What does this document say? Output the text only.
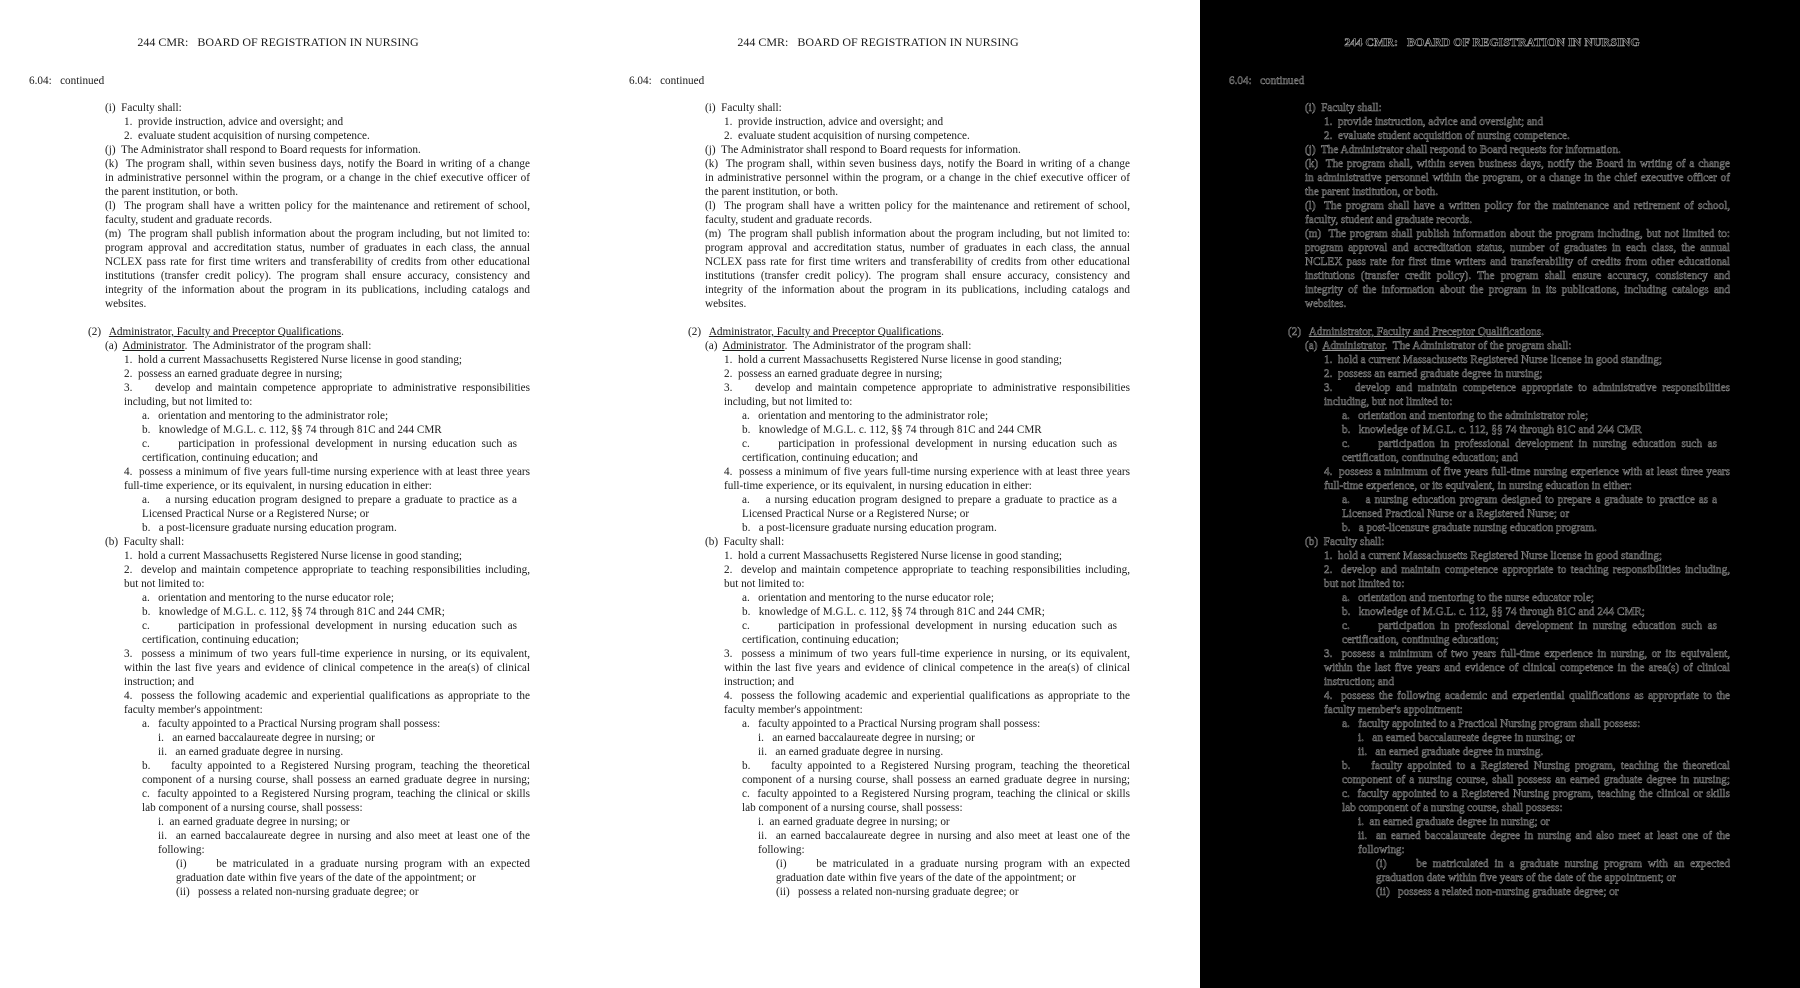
244 CMR:   BOARD OF REGISTRATION IN NURSING
6.04:   continued
(i)  Faculty shall:
1.  provide instruction, advice and oversight; and
2.  evaluate student acquisition of nursing competence.
(j)  The Administrator shall respond to Board requests for information.
(k)  The program shall, within seven business days, notify the Board in writing of a change
in administrative personnel within the program, or a change in the chief executive officer of
the parent institution, or both.
(l)  The program shall have a written policy for the maintenance and retirement of school,
faculty, student and graduate records.
(m)  The program shall publish information about the program including, but not limited to:
program approval and accreditation status, number of graduates in each class, the annual
NCLEX pass rate for first time writers and transferability of credits from other educational
institutions (transfer credit policy). The program shall ensure accuracy, consistency and
integrity of the information about the program in its publications, including catalogs and
websites.
(2)   Administrator, Faculty and Preceptor Qualifications.
(a)  Administrator.  The Administrator of the program shall:
1.  hold a current Massachusetts Registered Nurse license in good standing;
2.  possess an earned graduate degree in nursing;
3.    develop and maintain competence appropriate to administrative responsibilities
including, but not limited to:
a.   orientation and mentoring to the administrator role;
b.   knowledge of M.G.L. c. 112, §§ 74 through 81C and 244 CMR
c.     participation in professional development in nursing education such as
certification, continuing education; and
4.  possess a minimum of five years full-time nursing experience with at least three years
full-time experience, or its equivalent, in nursing education in either:
a.    a nursing education program designed to prepare a graduate to practice as a
Licensed Practical Nurse or a Registered Nurse; or
b.   a post-licensure graduate nursing education program.
(b)  Faculty shall:
1.  hold a current Massachusetts Registered Nurse license in good standing;
2.  develop and maintain competence appropriate to teaching responsibilities including,
but not limited to:
a.   orientation and mentoring to the nurse educator role;
b.   knowledge of M.G.L. c. 112, §§ 74 through 81C and 244 CMR;
c.     participation in professional development in nursing education such as
certification, continuing education;
3.  possess a minimum of two years full-time experience in nursing, or its equivalent,
within the last five years and evidence of clinical competence in the area(s) of clinical
instruction; and
4.  possess the following academic and experiential qualifications as appropriate to the
faculty member's appointment:
a.   faculty appointed to a Practical Nursing program shall possess:
i.   an earned baccalaureate degree in nursing; or
ii.   an earned graduate degree in nursing.
b.    faculty appointed to a Registered Nursing program, teaching the theoretical
component of a nursing course, shall possess an earned graduate degree in nursing;
c.  faculty appointed to a Registered Nursing program, teaching the clinical or skills
lab component of a nursing course, shall possess:
i.  an earned graduate degree in nursing; or
ii.  an earned baccalaureate degree in nursing and also meet at least one of the
following:
(i)     be matriculated in a graduate nursing program with an expected
graduation date within five years of the date of the appointment; or
(ii)   possess a related non-nursing graduate degree; or
244 CMR:   BOARD OF REGISTRATION IN NURSING
6.04:   continued
(i)  Faculty shall:
1.  provide instruction, advice and oversight; and
2.  evaluate student acquisition of nursing competence.
(j)  The Administrator shall respond to Board requests for information.
(k)  The program shall, within seven business days, notify the Board in writing of a change
in administrative personnel within the program, or a change in the chief executive officer of
the parent institution, or both.
(l)  The program shall have a written policy for the maintenance and retirement of school,
faculty, student and graduate records.
(m)  The program shall publish information about the program including, but not limited to:
program approval and accreditation status, number of graduates in each class, the annual
NCLEX pass rate for first time writers and transferability of credits from other educational
institutions (transfer credit policy). The program shall ensure accuracy, consistency and
integrity of the information about the program in its publications, including catalogs and
websites.
(2)   Administrator, Faculty and Preceptor Qualifications.
(a)  Administrator.  The Administrator of the program shall:
1.  hold a current Massachusetts Registered Nurse license in good standing;
2.  possess an earned graduate degree in nursing;
3.    develop and maintain competence appropriate to administrative responsibilities
including, but not limited to:
a.   orientation and mentoring to the administrator role;
b.   knowledge of M.G.L. c. 112, §§ 74 through 81C and 244 CMR
c.     participation in professional development in nursing education such as
certification, continuing education; and
4.  possess a minimum of five years full-time nursing experience with at least three years
full-time experience, or its equivalent, in nursing education in either:
a.    a nursing education program designed to prepare a graduate to practice as a
Licensed Practical Nurse or a Registered Nurse; or
b.   a post-licensure graduate nursing education program.
(b)  Faculty shall:
1.  hold a current Massachusetts Registered Nurse license in good standing;
2.  develop and maintain competence appropriate to teaching responsibilities including,
but not limited to:
a.   orientation and mentoring to the nurse educator role;
b.   knowledge of M.G.L. c. 112, §§ 74 through 81C and 244 CMR;
c.     participation in professional development in nursing education such as
certification, continuing education;
3.  possess a minimum of two years full-time experience in nursing, or its equivalent,
within the last five years and evidence of clinical competence in the area(s) of clinical
instruction; and
4.  possess the following academic and experiential qualifications as appropriate to the
faculty member's appointment:
a.   faculty appointed to a Practical Nursing program shall possess:
i.   an earned baccalaureate degree in nursing; or
ii.   an earned graduate degree in nursing.
b.    faculty appointed to a Registered Nursing program, teaching the theoretical
component of a nursing course, shall possess an earned graduate degree in nursing;
c.  faculty appointed to a Registered Nursing program, teaching the clinical or skills
lab component of a nursing course, shall possess:
i.  an earned graduate degree in nursing; or
ii.  an earned baccalaureate degree in nursing and also meet at least one of the
following:
(i)     be matriculated in a graduate nursing program with an expected
graduation date within five years of the date of the appointment; or
(ii)   possess a related non-nursing graduate degree; or
244 CMR:   BOARD OF REGISTRATION IN NURSING
6.04:   continued
(i)  Faculty shall:
1.  provide instruction, advice and oversight; and
2.  evaluate student acquisition of nursing competence.
(j)  The Administrator shall respond to Board requests for information.
(k)  The program shall, within seven business days, notify the Board in writing of a change
in administrative personnel within the program, or a change in the chief executive officer of
the parent institution, or both.
(l)  The program shall have a written policy for the maintenance and retirement of school,
faculty, student and graduate records.
(m)  The program shall publish information about the program including, but not limited to:
program approval and accreditation status, number of graduates in each class, the annual
NCLEX pass rate for first time writers and transferability of credits from other educational
institutions (transfer credit policy). The program shall ensure accuracy, consistency and
integrity of the information about the program in its publications, including catalogs and
websites.
(2)   Administrator, Faculty and Preceptor Qualifications.
(a)  Administrator.  The Administrator of the program shall:
1.  hold a current Massachusetts Registered Nurse license in good standing;
2.  possess an earned graduate degree in nursing;
3.    develop and maintain competence appropriate to administrative responsibilities
including, but not limited to:
a.   orientation and mentoring to the administrator role;
b.   knowledge of M.G.L. c. 112, §§ 74 through 81C and 244 CMR
c.     participation in professional development in nursing education such as
certification, continuing education; and
4.  possess a minimum of five years full-time nursing experience with at least three years
full-time experience, or its equivalent, in nursing education in either:
a.    a nursing education program designed to prepare a graduate to practice as a
Licensed Practical Nurse or a Registered Nurse; or
b.   a post-licensure graduate nursing education program.
(b)  Faculty shall:
1.  hold a current Massachusetts Registered Nurse license in good standing;
2.  develop and maintain competence appropriate to teaching responsibilities including,
but not limited to:
a.   orientation and mentoring to the nurse educator role;
b.   knowledge of M.G.L. c. 112, §§ 74 through 81C and 244 CMR;
c.     participation in professional development in nursing education such as
certification, continuing education;
3.  possess a minimum of two years full-time experience in nursing, or its equivalent,
within the last five years and evidence of clinical competence in the area(s) of clinical
instruction; and
4.  possess the following academic and experiential qualifications as appropriate to the
faculty member's appointment:
a.   faculty appointed to a Practical Nursing program shall possess:
i.   an earned baccalaureate degree in nursing; or
ii.   an earned graduate degree in nursing.
b.    faculty appointed to a Registered Nursing program, teaching the theoretical
component of a nursing course, shall possess an earned graduate degree in nursing;
c.  faculty appointed to a Registered Nursing program, teaching the clinical or skills
lab component of a nursing course, shall possess:
i.  an earned graduate degree in nursing; or
ii.  an earned baccalaureate degree in nursing and also meet at least one of the
following:
(i)     be matriculated in a graduate nursing program with an expected
graduation date within five years of the date of the appointment; or
(ii)   possess a related non-nursing graduate degree; or
